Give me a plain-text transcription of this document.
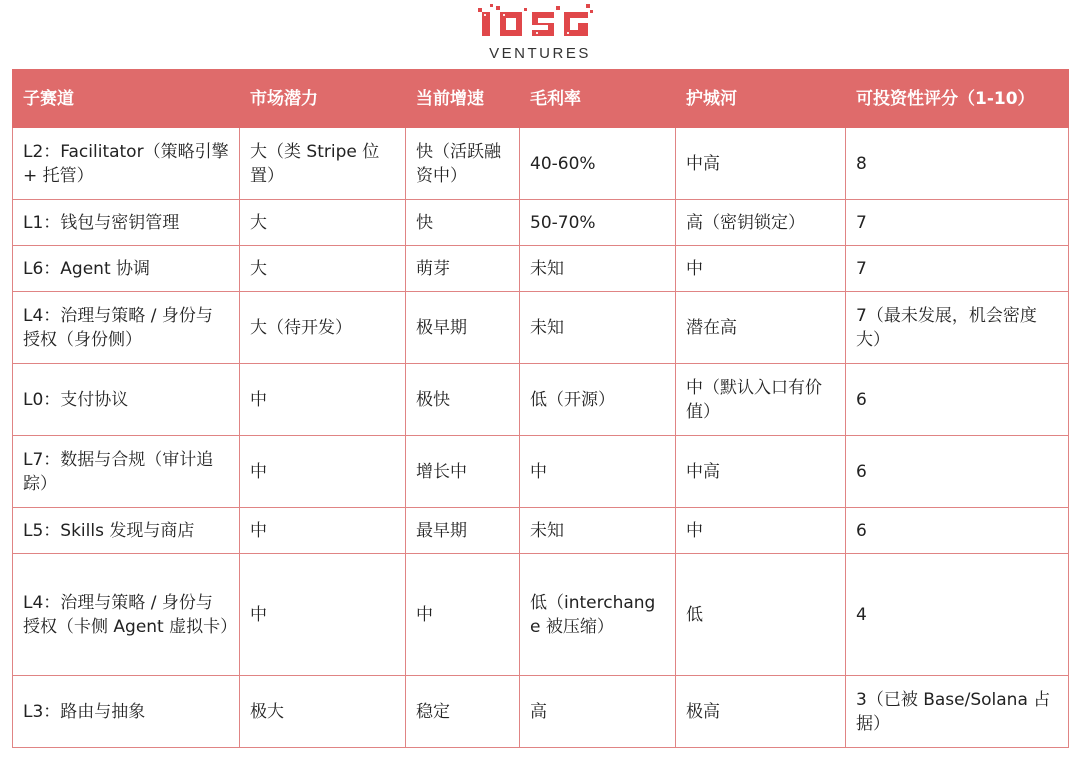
VENTURES
子赛道	市场潜力	当前增速	毛利率	护城河	可投资性评分（1-10）
L2：Facilitator（策略引擎 + 托管）	大（类 Stripe 位置）	快（活跃融资中）	40-60%	中高	8
L1：钱包与密钥管理	大	快	50-70%	高（密钥锁定）	7
L6：Agent 协调	大	萌芽	未知	中	7
L4：治理与策略 / 身份与授权（身份侧）	大（待开发）	极早期	未知	潜在高	7（最未发展，机会密度大）
L0：支付协议	中	极快	低（开源）	中（默认入口有价值）	6
L7：数据与合规（审计追踪）	中	增长中	中	中高	6
L5：Skills 发现与商店	中	最早期	未知	中	6
L4：治理与策略 / 身份与授权（卡侧 Agent 虚拟卡）	中	中	低（interchange 被压缩）	低	4
L3：路由与抽象	极大	稳定	高	极高	3（已被 Base/Solana 占据）
